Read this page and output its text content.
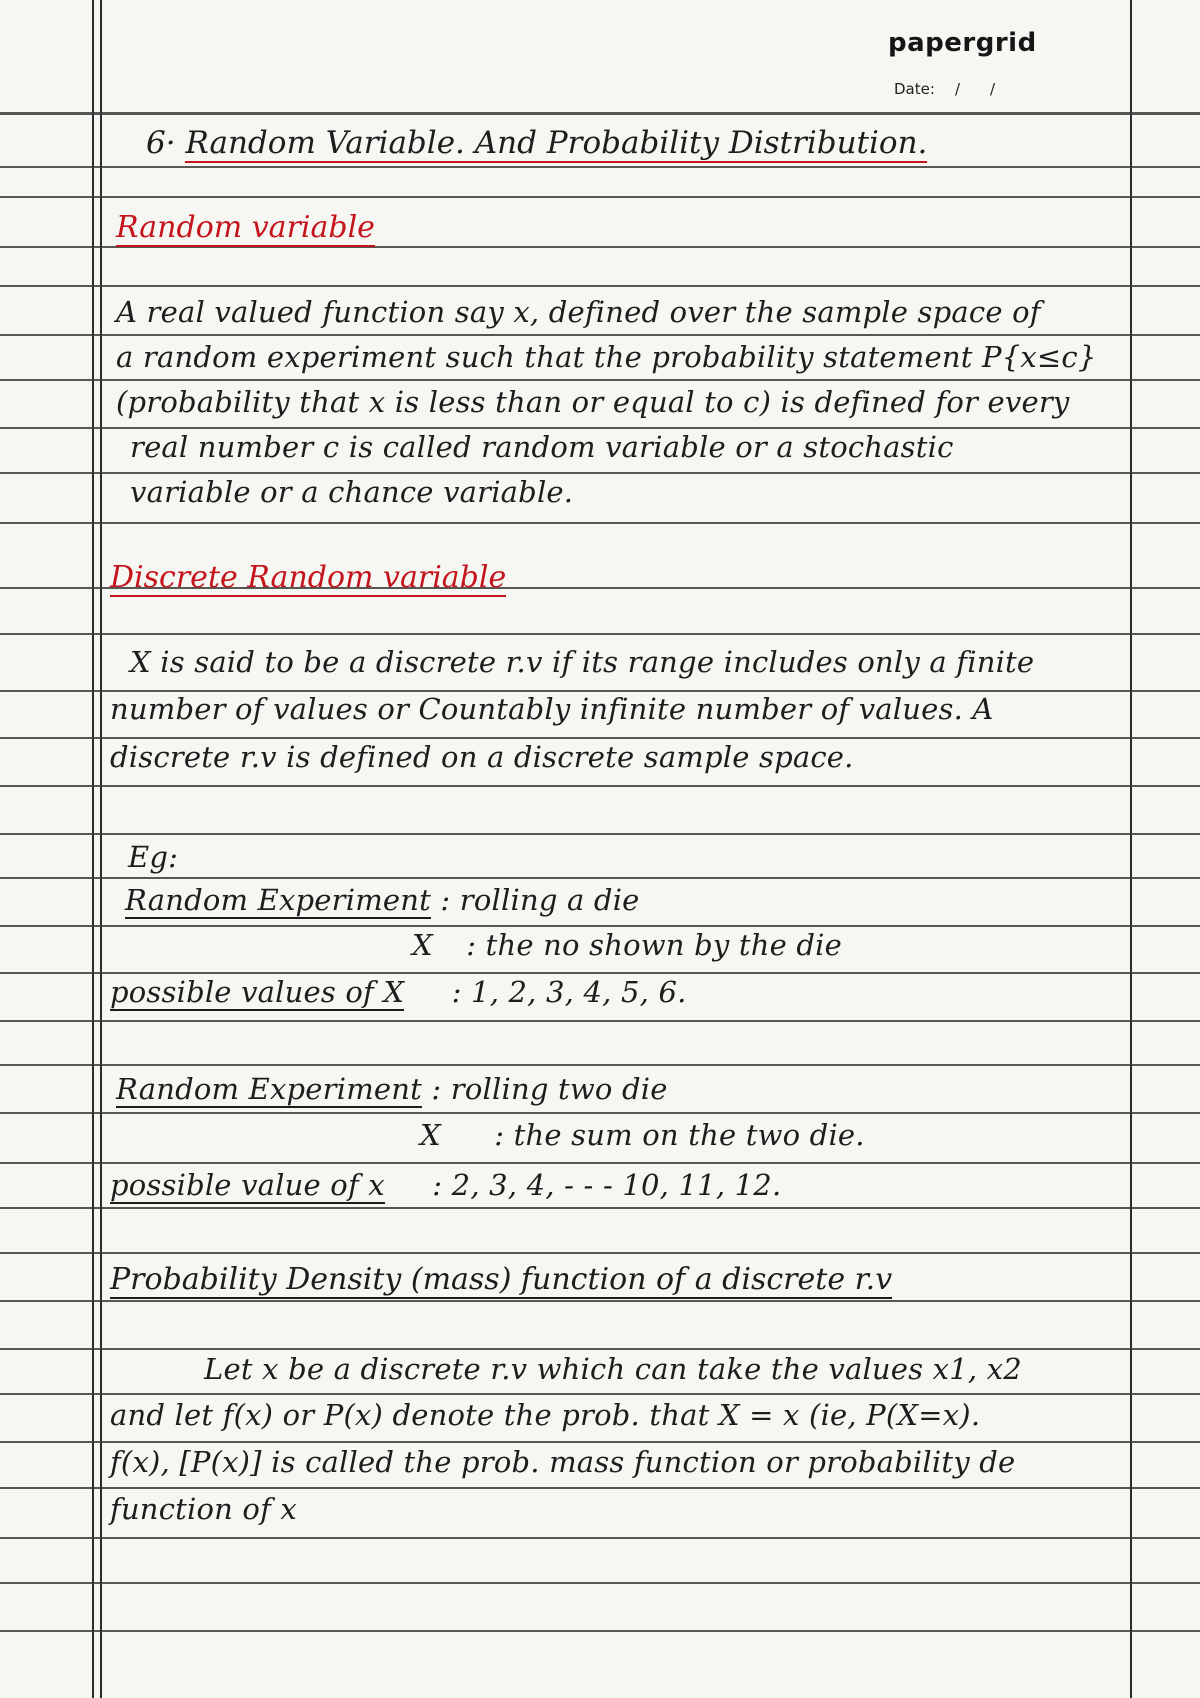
papergrid
Date: / /
6· Random Variable. And Probability Distribution.
Random variable
A real valued function say x, defined over the sample space of
a random experiment such that the probability statement P{x≤c}
(probability that x is less than or equal to c) is defined for every
real number c is called random variable or a stochastic
variable or a chance variable.
Discrete Random variable
X is said to be a discrete r.v if its range includes only a finite
number of values or Countably infinite number of values. A
discrete r.v is defined on a discrete sample space.
Eg:
Random Experiment : rolling a die
X : the no shown by the die
possible values of X : 1, 2, 3, 4, 5, 6.
Random Experiment : rolling two die
X : the sum on the two die.
possible value of x : 2, 3, 4, - - - 10, 11, 12.
Probability Density (mass) function of a discrete r.v
Let x be a discrete r.v which can take the values x1, x2
and let f(x) or P(x) denote the prob. that X = x (ie, P(X=x).
f(x), [P(x)] is called the prob. mass function or probability de
function of x
